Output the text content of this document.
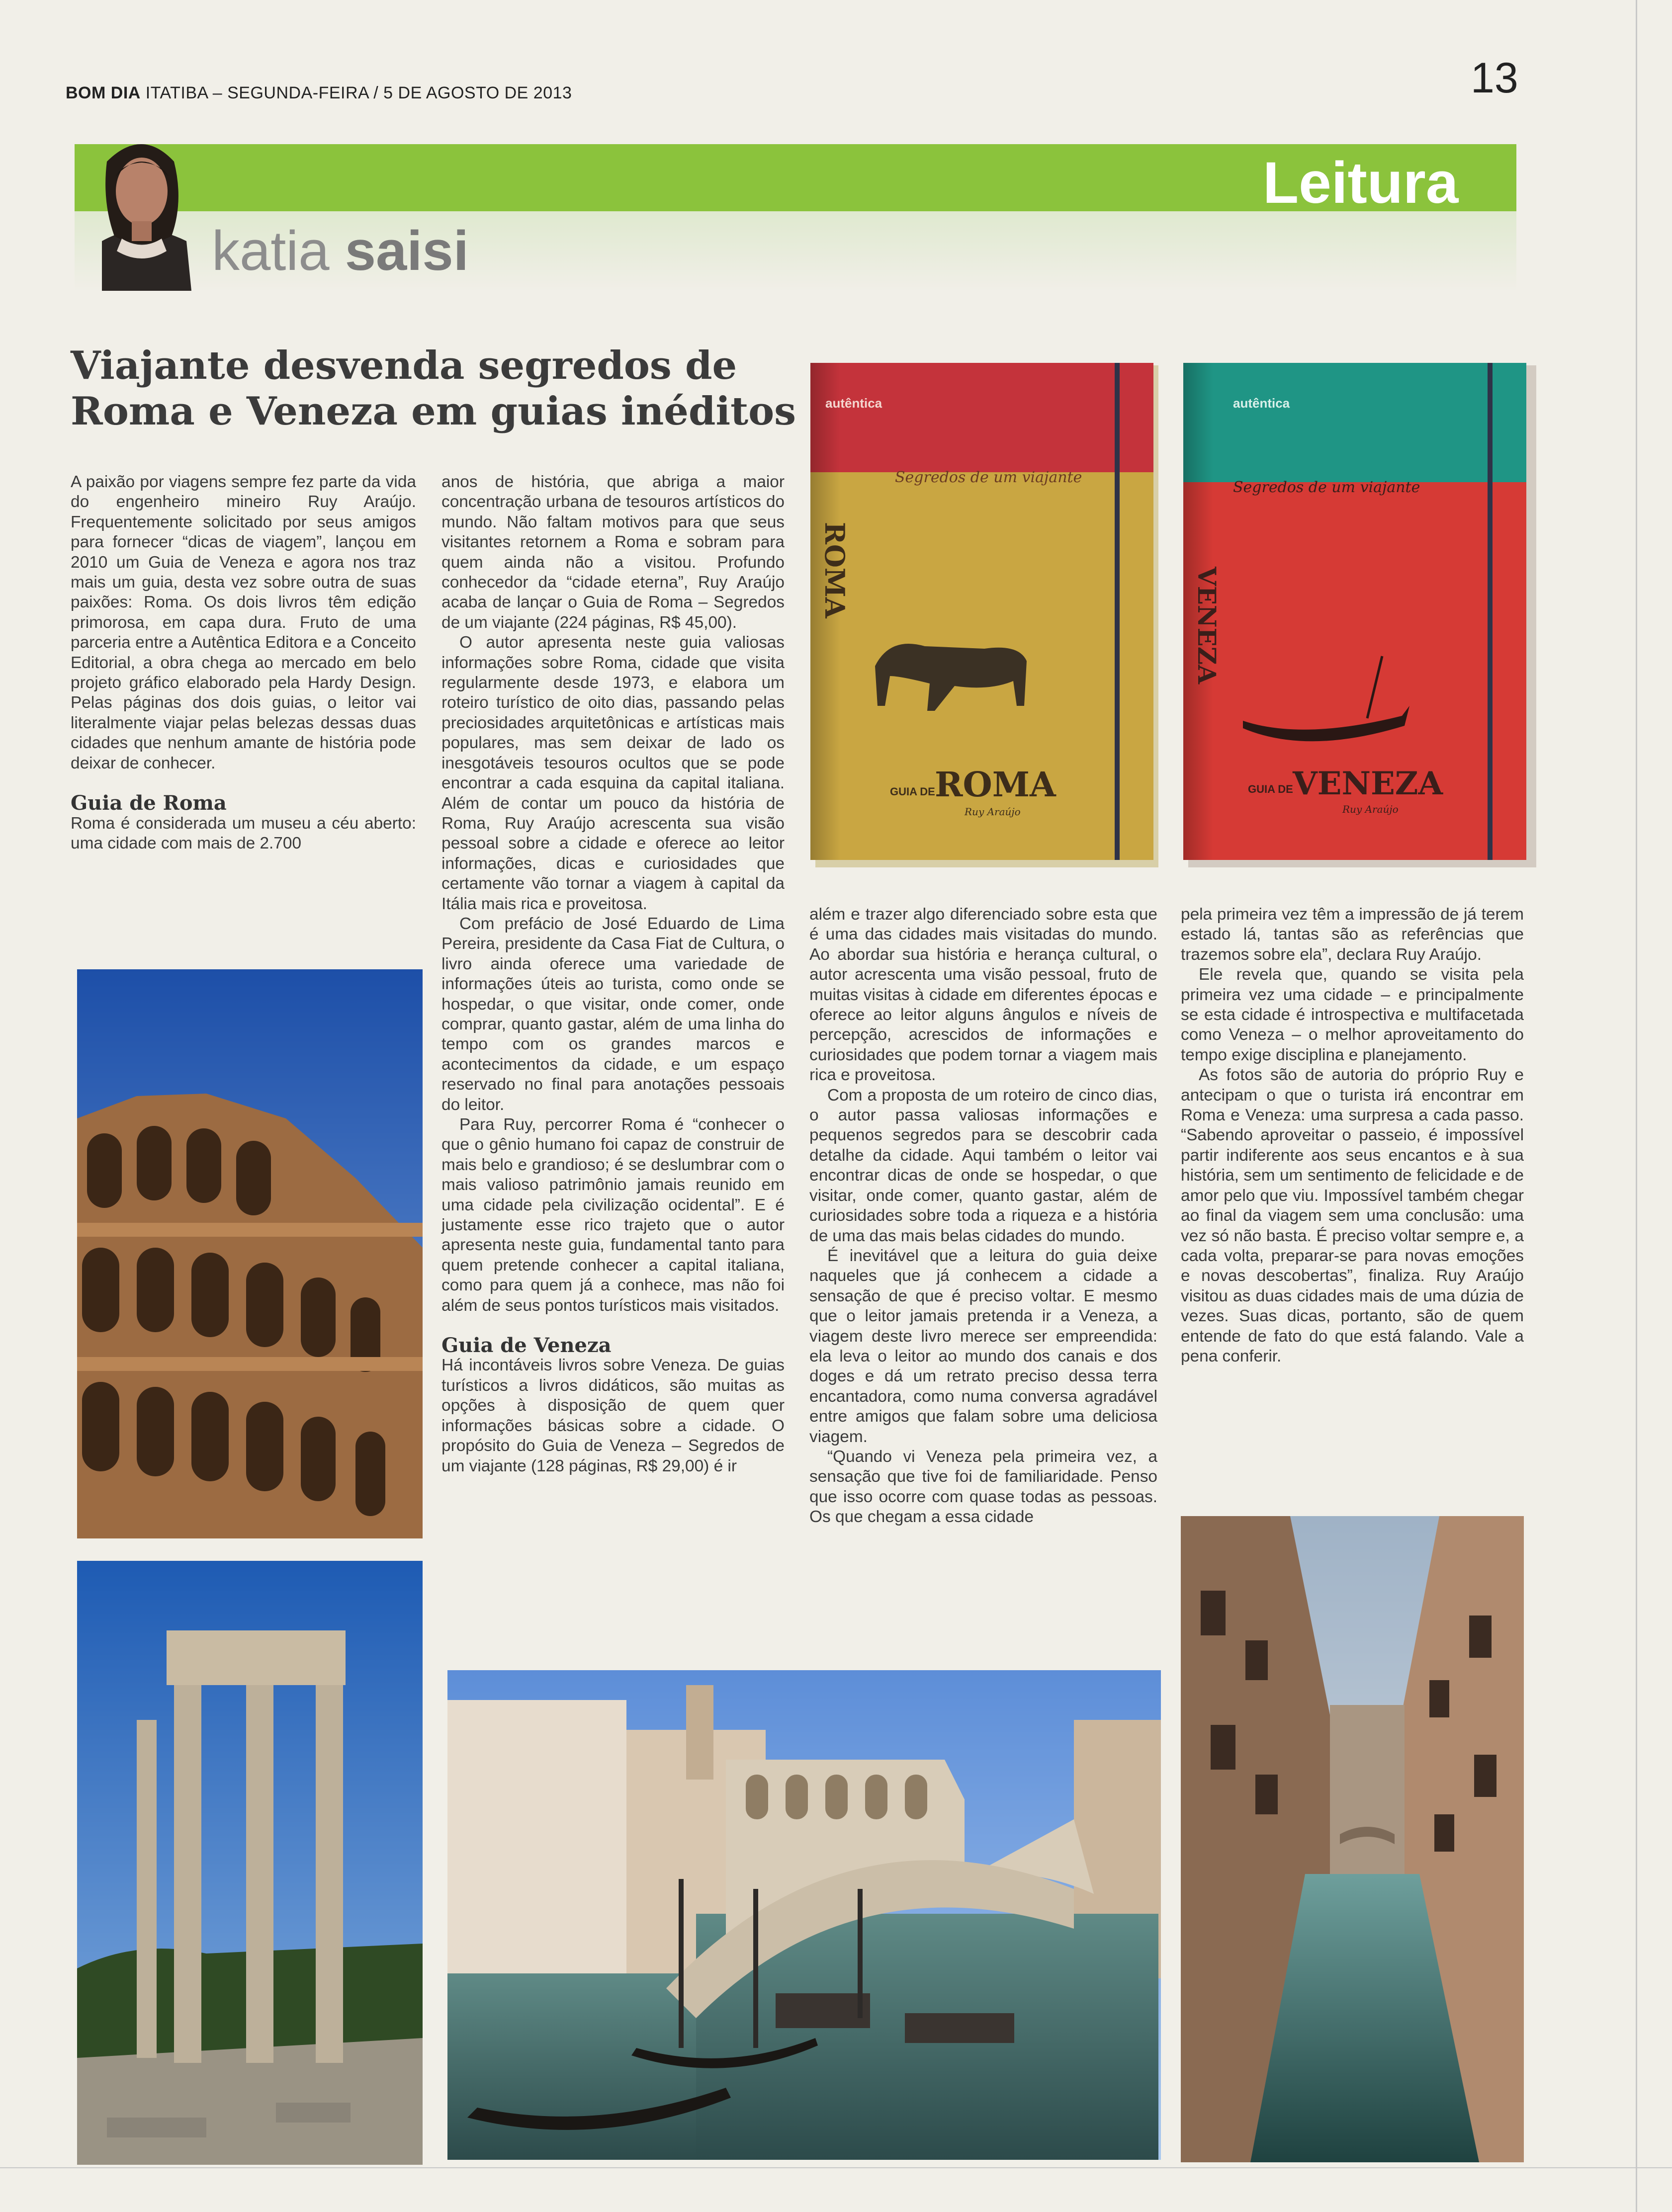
BOM DIA ITATIBA – SEGUNDA-FEIRA / 5 DE AGOSTO DE 2013	13
Leitura
katia saisi
Viajante desvenda segredos de
Roma e Veneza em guias inéditos	autêntica
Segredos de um viajante
ROMA
GUIA DE ROMA
Ruy Araújo
autêntica
Segredos de um viajante
VENEZA
GUIA DE VENEZA
Ruy Araújo

A paixão por viagens sempre fez parte da vida do engenheiro mineiro Ruy Araújo. Frequentemente solicitado por seus amigos para fornecer “dicas de viagem”, lançou em 2010 um Guia de Veneza e agora nos traz mais um guia, desta vez sobre outra de suas paixões: Roma. Os dois livros têm edição primorosa, em capa dura. Fruto de uma parceria entre a Autêntica Editora e a Conceito Editorial, a obra chega ao mercado em belo projeto gráfico elaborado pela Hardy Design. Pelas páginas dos dois guias, o leitor vai literalmente viajar pelas belezas dessas duas cidades que nenhum amante de história pode deixar de conhecer.

Guia de Roma

Roma é considerada um museu a céu aberto: uma cidade com mais de 2.700

anos de história, que abriga a maior concentração urbana de tesouros artísticos do mundo. Não faltam motivos para que seus visitantes retornem a Roma e sobram para quem ainda não a visitou. Profundo conhecedor da “cidade eterna”, Ruy Araújo acaba de lançar o Guia de Roma – Segredos de um viajante (224 páginas, R$ 45,00).

O autor apresenta neste guia valiosas informações sobre Roma, cidade que visita regularmente desde 1973, e elabora um roteiro turístico de oito dias, passando pelas preciosidades arquitetônicas e artísticas mais populares, mas sem deixar de lado os inesgotáveis tesouros ocultos que se pode encontrar a cada esquina da capital italiana. Além de contar um pouco da história de Roma, Ruy Araújo acrescenta sua visão pessoal sobre a cidade e oferece ao leitor informações, dicas e curiosidades que certamente vão tornar a viagem à capital da Itália mais rica e proveitosa.

Com prefácio de José Eduardo de Lima Pereira, presidente da Casa Fiat de Cultura, o livro ainda oferece uma variedade de informações úteis ao turista, como onde se hospedar, o que visitar, onde comer, onde comprar, quanto gastar, além de uma linha do tempo com os grandes marcos e acontecimentos da cidade, e um espaço reservado no final para anotações pessoais do leitor.

Para Ruy, percorrer Roma é “conhecer o que o gênio humano foi capaz de construir de mais belo e grandioso; é se deslumbrar com o mais valioso patrimônio jamais reunido em uma cidade pela civilização ocidental”. E é justamente esse rico trajeto que o autor apresenta neste guia, fundamental tanto para quem pretende conhecer a capital italiana, como para quem já a conhece, mas não foi além de seus pontos turísticos mais visitados.

Guia de Veneza

Há incontáveis livros sobre Veneza. De guias turísticos a livros didáticos, são muitas as opções à disposição de quem quer informações básicas sobre a cidade. O propósito do Guia de Veneza – Segredos de um viajante (128 páginas, R$ 29,00) é ir

além e trazer algo diferenciado sobre esta que é uma das cidades mais visitadas do mundo. Ao abordar sua história e herança cultural, o autor acrescenta uma visão pessoal, fruto de muitas visitas à cidade em diferentes épocas e oferece ao leitor alguns ângulos e níveis de percepção, acrescidos de informações e curiosidades que podem tornar a viagem mais rica e proveitosa.

Com a proposta de um roteiro de cinco dias, o autor passa valiosas informações e pequenos segredos para se descobrir cada detalhe da cidade. Aqui também o leitor vai encontrar dicas de onde se hospedar, o que visitar, onde comer, quanto gastar, além de curiosidades sobre toda a riqueza e a história de uma das mais belas cidades do mundo.

É inevitável que a leitura do guia deixe naqueles que já conhecem a cidade a sensação de que é preciso voltar. E mesmo que o leitor jamais pretenda ir a Veneza, a viagem deste livro merece ser empreendida: ela leva o leitor ao mundo dos canais e dos doges e dá um retrato preciso dessa terra encantadora, como numa conversa agradável entre amigos que falam sobre uma deliciosa viagem.

“Quando vi Veneza pela primeira vez, a sensação que tive foi de familiaridade. Penso que isso ocorre com quase todas as pessoas. Os que chegam a essa cidade

pela primeira vez têm a impressão de já terem estado lá, tantas são as referências que trazemos sobre ela”, declara Ruy Araújo.

Ele revela que, quando se visita pela primeira vez uma cidade – e principalmente se esta cidade é introspectiva e multifacetada como Veneza – o melhor aproveitamento do tempo exige disciplina e planejamento.

As fotos são de autoria do próprio Ruy e antecipam o que o turista irá encontrar em Roma e Veneza: uma surpresa a cada passo. “Sabendo aproveitar o passeio, é impossível partir indiferente aos seus encantos e à sua história, sem um sentimento de felicidade e de amor pelo que viu. Impossível também chegar ao final da viagem sem uma conclusão: uma vez só não basta. É preciso voltar sempre e, a cada volta, preparar-se para novas emoções e novas descobertas”, finaliza. Ruy Araújo visitou as duas cidades mais de uma dúzia de vezes. Suas dicas, portanto, são de quem entende de fato do que está falando. Vale a pena conferir.
